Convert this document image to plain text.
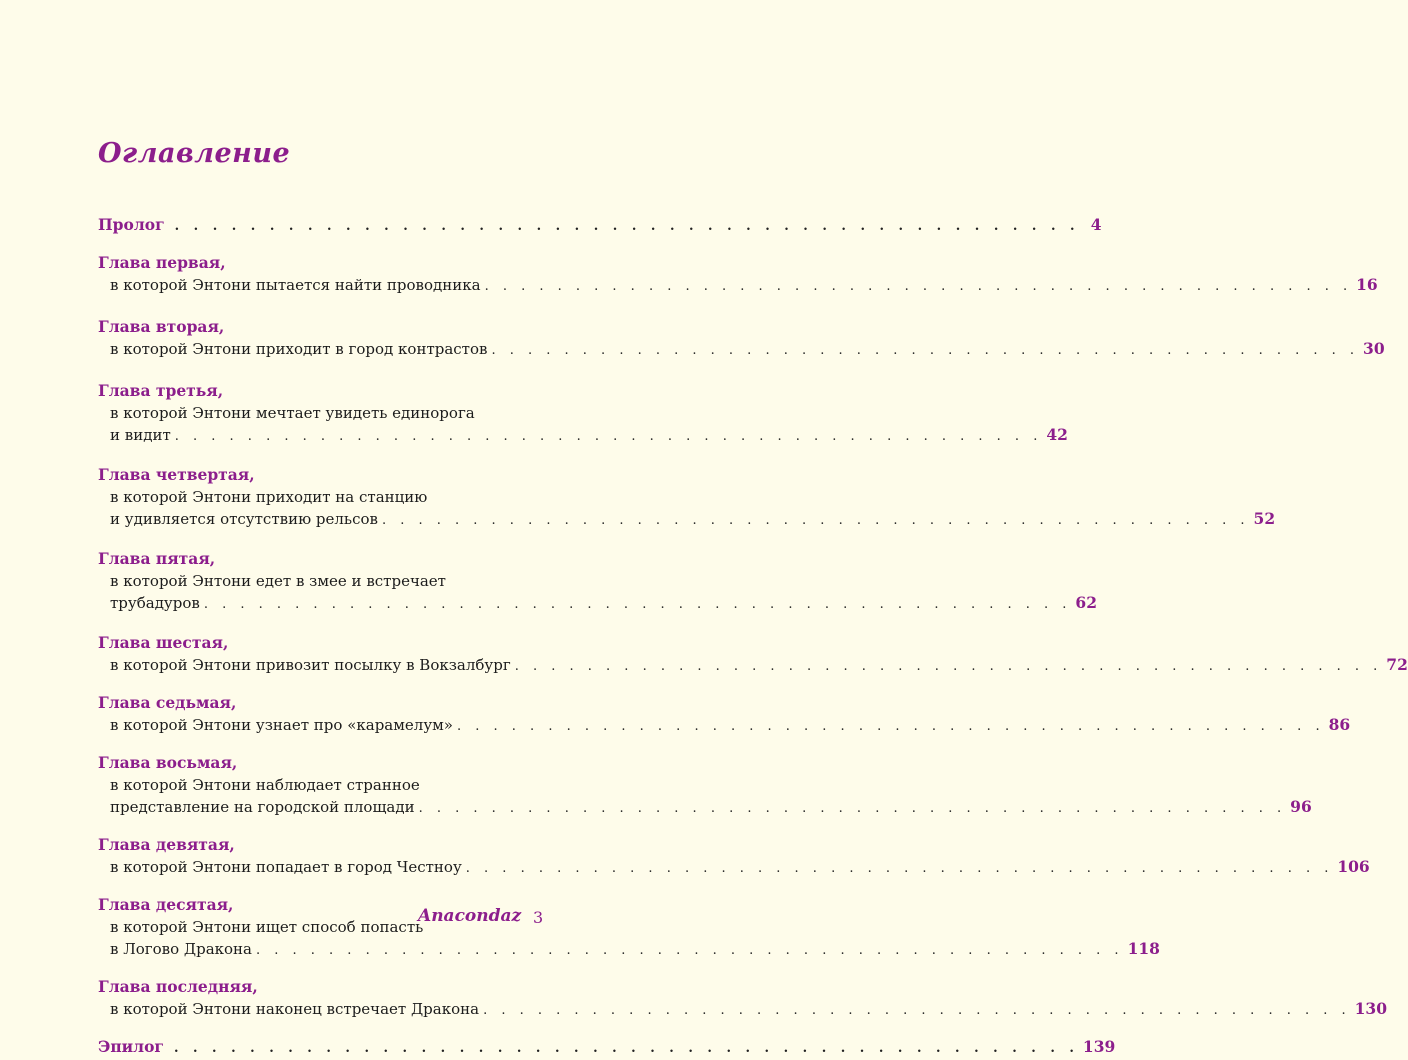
Оглавление
Пролог . . . . . . . . . . . . . . . . . . . . . . . . . . . . . . . . . . . . . . . . . . . . . . . . 4
Глава первая,
в которой Энтони пытается найти проводника . . . . . . . . . . . . . . . . . . . . . . . . . . . . . . . . . . . . . . . . . . . . . . . . 16
Глава вторая,
в которой Энтони приходит в город контрастов . . . . . . . . . . . . . . . . . . . . . . . . . . . . . . . . . . . . . . . . . . . . . . . . 30
Глава третья,
в которой Энтони мечтает увидеть единорога
и видит . . . . . . . . . . . . . . . . . . . . . . . . . . . . . . . . . . . . . . . . . . . . . . . . 42
Глава четвертая,
в которой Энтони приходит на станцию
и удивляется отсутствию рельсов . . . . . . . . . . . . . . . . . . . . . . . . . . . . . . . . . . . . . . . . . . . . . . . . 52
Глава пятая,
в которой Энтони едет в змее и встречает
трубадуров . . . . . . . . . . . . . . . . . . . . . . . . . . . . . . . . . . . . . . . . . . . . . . . . 62
Глава шестая,
в которой Энтони привозит посылку в Вокзалбург . . . . . . . . . . . . . . . . . . . . . . . . . . . . . . . . . . . . . . . . . . . . . . . . 72
Глава седьмая,
в которой Энтони узнает про «карамелум» . . . . . . . . . . . . . . . . . . . . . . . . . . . . . . . . . . . . . . . . . . . . . . . . 86
Глава восьмая,
в которой Энтони наблюдает странное
представление на городской площади . . . . . . . . . . . . . . . . . . . . . . . . . . . . . . . . . . . . . . . . . . . . . . . . 96
Глава девятая,
в которой Энтони попадает в город Честноу . . . . . . . . . . . . . . . . . . . . . . . . . . . . . . . . . . . . . . . . . . . . . . . . 106
Глава десятая,
в которой Энтони ищет способ попасть
в Логово Дракона . . . . . . . . . . . . . . . . . . . . . . . . . . . . . . . . . . . . . . . . . . . . . . . . 118
Глава последняя,
в которой Энтони наконец встречает Дракона . . . . . . . . . . . . . . . . . . . . . . . . . . . . . . . . . . . . . . . . . . . . . . . . 130
Эпилог . . . . . . . . . . . . . . . . . . . . . . . . . . . . . . . . . . . . . . . . . . . . . . . . 139
Anacondaz 3
